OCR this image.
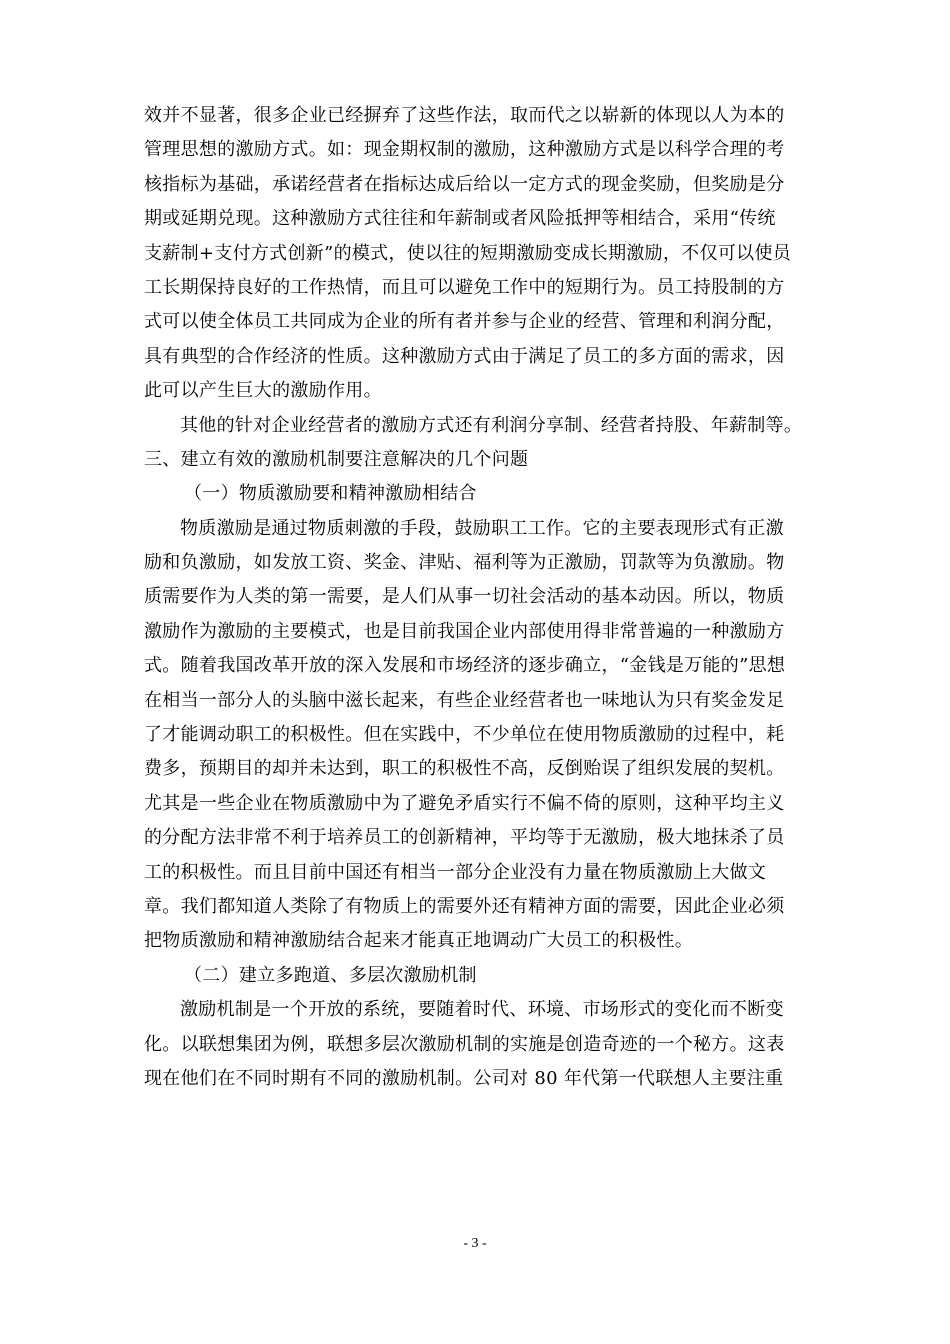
效并不显著，很多企业已经摒弃了这些作法，取而代之以崭新的体现以人为本的
管理思想的激励方式。如：现金期权制的激励，这种激励方式是以科学合理的考
核指标为基础，承诺经营者在指标达成后给以一定方式的现金奖励，但奖励是分
期或延期兑现。这种激励方式往往和年薪制或者风险抵押等相结合，采用“传统
支薪制+支付方式创新”的模式，使以往的短期激励变成长期激励，不仅可以使员
工长期保持良好的工作热情，而且可以避免工作中的短期行为。员工持股制的方
式可以使全体员工共同成为企业的所有者并参与企业的经营、管理和利润分配，
具有典型的合作经济的性质。这种激励方式由于满足了员工的多方面的需求，因
此可以产生巨大的激励作用。
其他的针对企业经营者的激励方式还有利润分享制、经营者持股、年薪制等。
三、建立有效的激励机制要注意解决的几个问题
（一）物质激励要和精神激励相结合
物质激励是通过物质刺激的手段，鼓励职工工作。它的主要表现形式有正激
励和负激励，如发放工资、奖金、津贴、福利等为正激励，罚款等为负激励。物
质需要作为人类的第一需要，是人们从事一切社会活动的基本动因。所以，物质
激励作为激励的主要模式，也是目前我国企业内部使用得非常普遍的一种激励方
式。随着我国改革开放的深入发展和市场经济的逐步确立，“金钱是万能的”思想
在相当一部分人的头脑中滋长起来，有些企业经营者也一味地认为只有奖金发足
了才能调动职工的积极性。但在实践中，不少单位在使用物质激励的过程中，耗
费多，预期目的却并未达到，职工的积极性不高，反倒贻误了组织发展的契机。
尤其是一些企业在物质激励中为了避免矛盾实行不偏不倚的原则，这种平均主义
的分配方法非常不利于培养员工的创新精神，平均等于无激励，极大地抹杀了员
工的积极性。而且目前中国还有相当一部分企业没有力量在物质激励上大做文
章。我们都知道人类除了有物质上的需要外还有精神方面的需要，因此企业必须
把物质激励和精神激励结合起来才能真正地调动广大员工的积极性。
（二）建立多跑道、多层次激励机制
激励机制是一个开放的系统，要随着时代、环境、市场形式的变化而不断变
化。以联想集团为例，联想多层次激励机制的实施是创造奇迹的一个秘方。这表
现在他们在不同时期有不同的激励机制。公司对 80 年代第一代联想人主要注重
- 3 -
